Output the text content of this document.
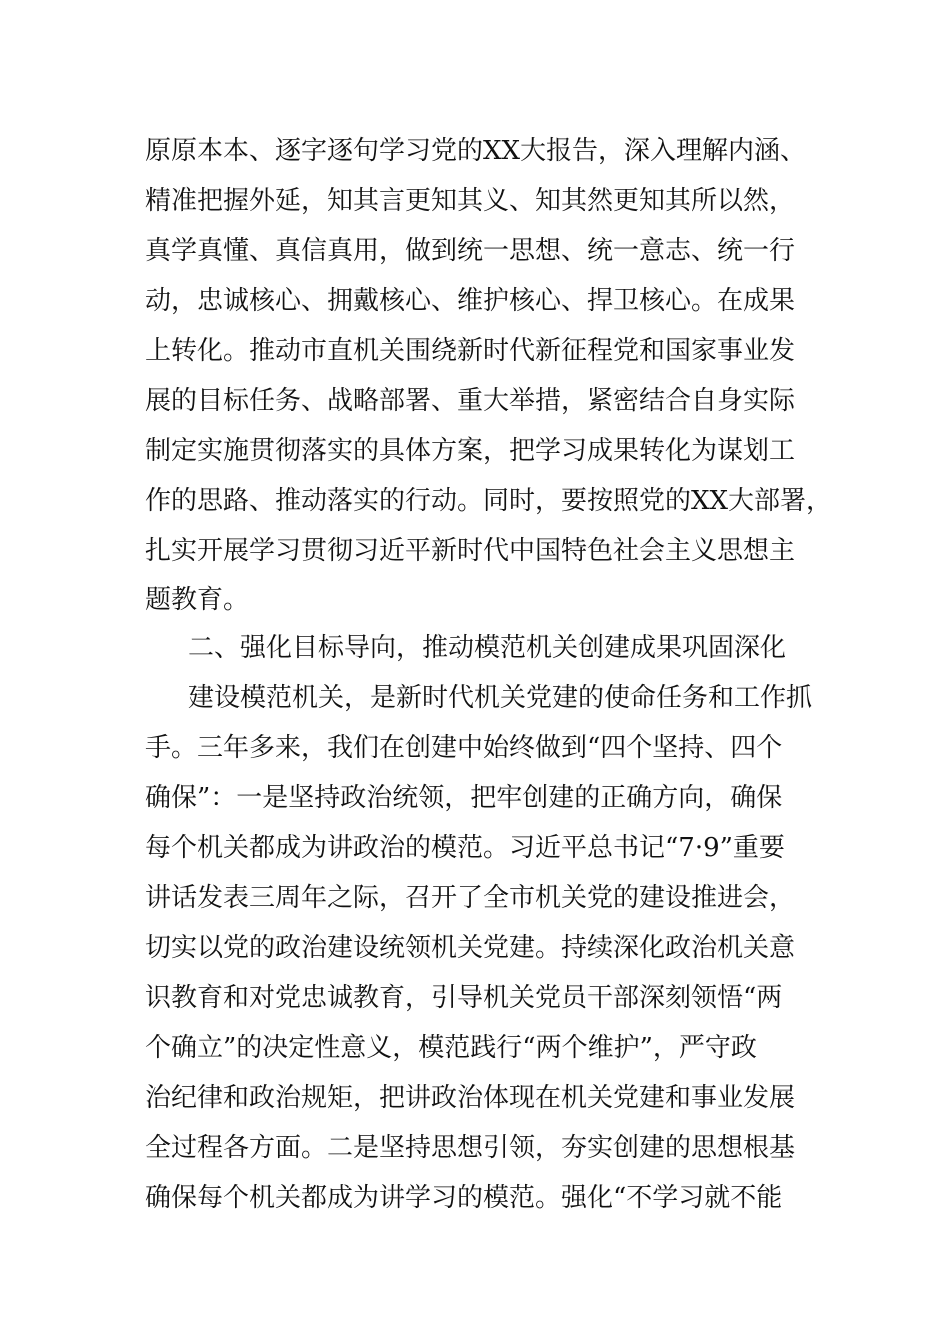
原原本本、逐字逐句学习党的XX大报告，深入理解内涵、
精准把握外延，知其言更知其义、知其然更知其所以然，
真学真懂、真信真用，做到统一思想、统一意志、统一行
动，忠诚核心、拥戴核心、维护核心、捍卫核心。在成果
上转化。推动市直机关围绕新时代新征程党和国家事业发
展的目标任务、战略部署、重大举措，紧密结合自身实际
制定实施贯彻落实的具体方案，把学习成果转化为谋划工
作的思路、推动落实的行动。同时，要按照党的XX大部署，
扎实开展学习贯彻习近平新时代中国特色社会主义思想主
题教育。
二、强化目标导向，推动模范机关创建成果巩固深化
建设模范机关，是新时代机关党建的使命任务和工作抓
手。三年多来，我们在创建中始终做到“四个坚持、四个
确保”：一是坚持政治统领，把牢创建的正确方向，确保
每个机关都成为讲政治的模范。习近平总书记“7·9”重要
讲话发表三周年之际，召开了全市机关党的建设推进会，
切实以党的政治建设统领机关党建。持续深化政治机关意
识教育和对党忠诚教育，引导机关党员干部深刻领悟“两
个确立”的决定性意义，模范践行“两个维护”，严守政
治纪律和政治规矩，把讲政治体现在机关党建和事业发展
全过程各方面。二是坚持思想引领，夯实创建的思想根基
确保每个机关都成为讲学习的模范。强化“不学习就不能
